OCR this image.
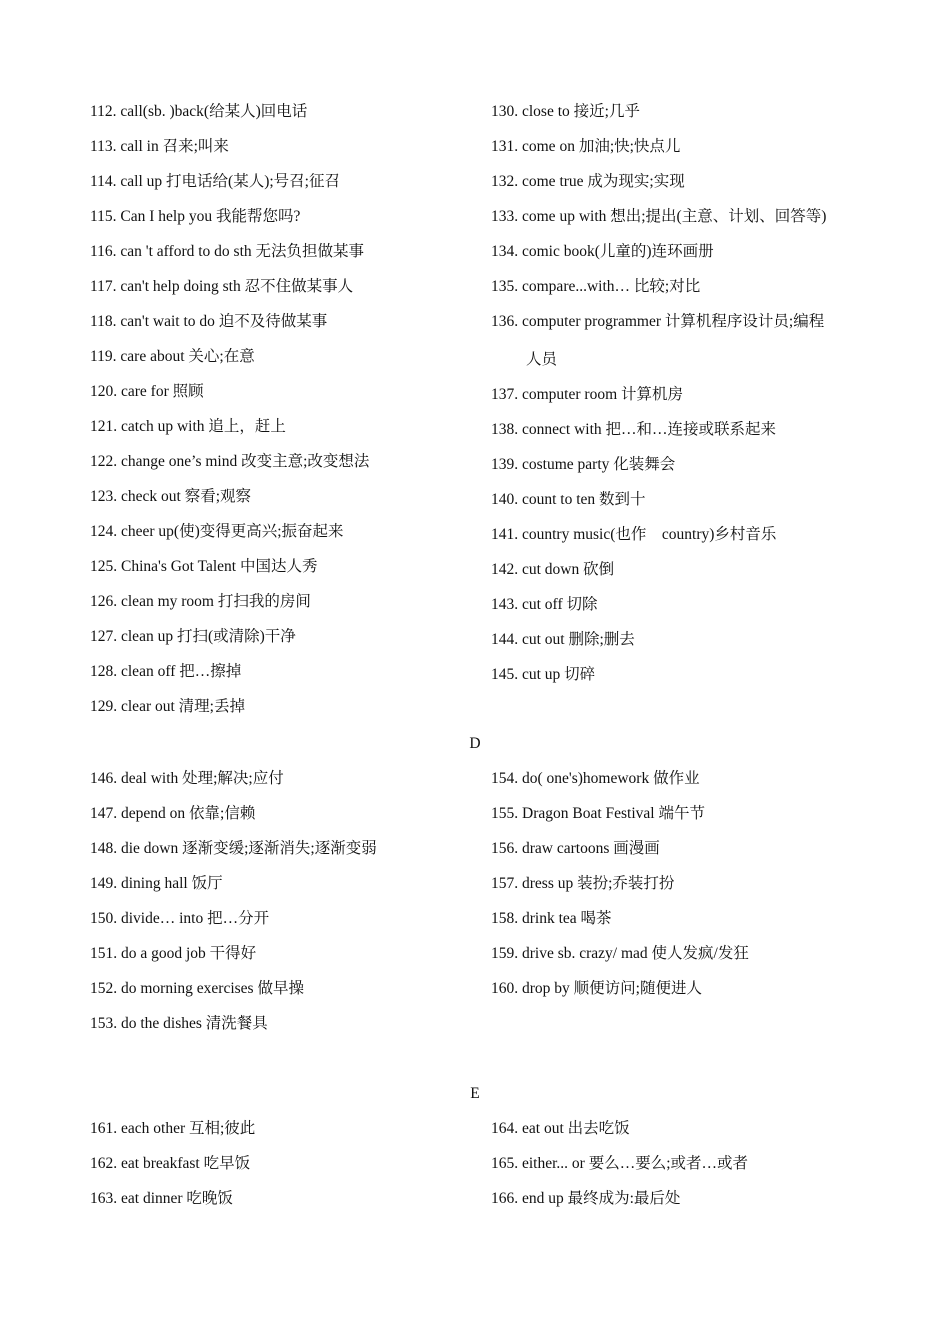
112. call(sb. )back(给某人)回电话
113. call in 召来;叫来
114. call up 打电话给(某人);号召;征召
115. Can I help you 我能帮您吗?
116. can 't afford to do sth 无法负担做某事
117. can't help doing sth 忍不住做某事人
118. can't wait to do 迫不及待做某事
119. care about 关心;在意
120. care for 照顾
121. catch up with 追上，赶上
122. change one’s mind 改变主意;改变想法
123. check out 察看;观察
124. cheer up(使)变得更高兴;振奋起来
125. China's Got Talent 中国达人秀
126. clean my room 打扫我的房间
127. clean up 打扫(或清除)干净
128. clean off 把…擦掉
129. clear out 清理;丢掉
130. close to 接近;几乎
131. come on 加油;快;快点儿
132. come true 成为现实;实现
133. come up with 想出;提出(主意、计划、回答等)
134. comic book(儿童的)连环画册
135. compare...with… 比较;对比
136. computer programmer 计算机程序设计员;编程
人员
137. computer room 计算机房
138. connect with 把…和…连接或联系起来
139. costume party 化装舞会
140. count to ten 数到十
141. country music(也作　country)乡村音乐
142. cut down 砍倒
143. cut off 切除
144. cut out 删除;删去
145. cut up 切碎
D
146. deal with 处理;解决;应付
147. depend on 依靠;信赖
148. die down 逐渐变缓;逐渐消失;逐渐变弱
149. dining hall 饭厅
150. divide… into 把…分开
151. do a good job 干得好
152. do morning exercises 做早操
153. do the dishes 清洗餐具
154. do( one's)homework 做作业
155. Dragon Boat Festival 端午节
156. draw cartoons 画漫画
157. dress up 装扮;乔装打扮
158. drink tea 喝茶
159. drive sb. crazy/ mad 使人发疯/发狂
160. drop by 顺便访问;随便进人
E
161. each other 互相;彼此
162. eat breakfast 吃早饭
163. eat dinner 吃晚饭
164. eat out 出去吃饭
165. either... or 要么…要么;或者…或者
166. end up 最终成为:最后处
